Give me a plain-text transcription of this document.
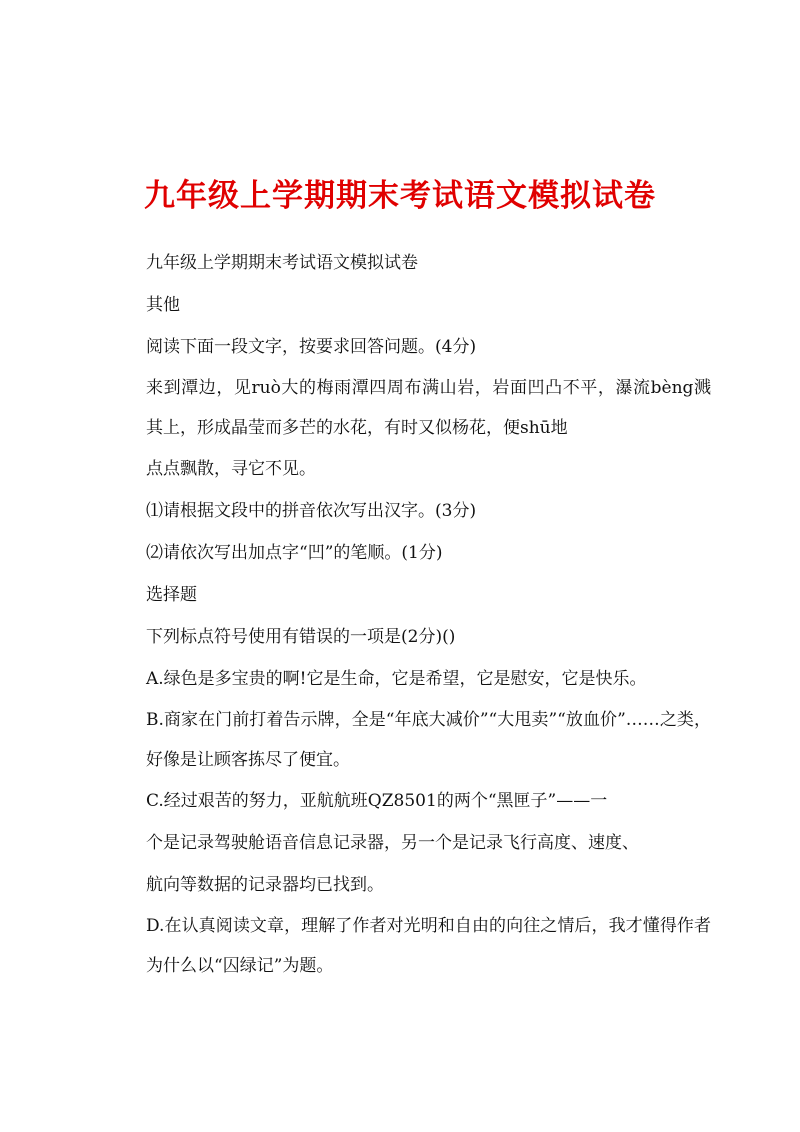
九年级上学期期末考试语文模拟试卷

九年级上学期期末考试语文模拟试卷

其他

阅读下面一段文字，按要求回答问题。(4分)

来到潭边，见ruò大的梅雨潭四周布满山岩，岩面凹凸不平，瀑流bèng溅其上，形成晶莹而多芒的水花，有时又似杨花，便shū地

点点飘散，寻它不见。

⑴请根据文段中的拼音依次写出汉字。(3分)

⑵请依次写出加点字“凹”的笔顺。(1分)

选择题

下列标点符号使用有错误的一项是(2分)()

A.绿色是多宝贵的啊!它是生命，它是希望，它是慰安，它是快乐。

B.商家在门前打着告示牌，全是“年底大减价”“大甩卖”“放血价”……之类，好像是让顾客拣尽了便宜。

C.经过艰苦的努力，亚航航班QZ8501的两个“黑匣子”——一

个是记录驾驶舱语音信息记录器，另一个是记录飞行高度、速度、

航向等数据的记录器均已找到。

D.在认真阅读文章，理解了作者对光明和自由的向往之情后，我才懂得作者为什么以“囚绿记”为题。
